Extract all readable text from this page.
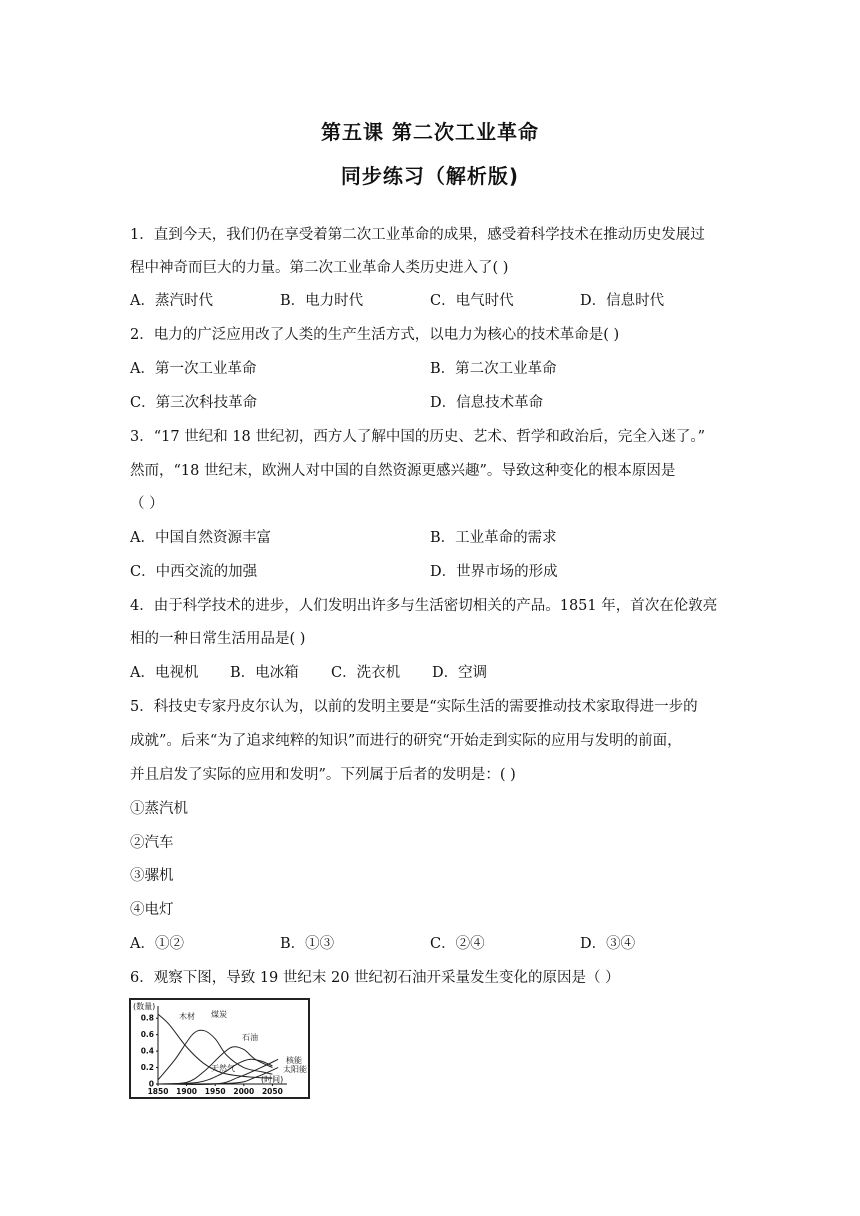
第五课 第二次工业革命
同步练习（解析版)
1．直到今天，我们仍在享受着第二次工业革命的成果，感受着科学技术在推动历史发展过
程中神奇而巨大的力量。第二次工业革命人类历史进入了( )
A．蒸汽时代	B．电力时代	C．电气时代	D．信息时代
2．电力的广泛应用改了人类的生产生活方式，以电力为核心的技术革命是( )
A．第一次工业革命	B．第二次工业革命
C．第三次科技革命	D．信息技术革命
3．“17 世纪和 18 世纪初，西方人了解中国的历史、艺术、哲学和政治后，完全入迷了。”
然而，“18 世纪末，欧洲人对中国的自然资源更感兴趣”。导致这种变化的根本原因是
（ ）
A．中国自然资源丰富	B．工业革命的需求
C．中西交流的加强	D．世界市场的形成
4．由于科学技术的进步，人们发明出许多与生活密切相关的产品。1851 年，首次在伦敦亮
相的一种日常生活用品是( )
A．电视机 B．电冰箱 C．洗衣机 D．空调
5．科技史专家丹皮尔认为，以前的发明主要是“实际生活的需要推动技术家取得进一步的
成就”。后来“为了追求纯粹的知识”而进行的研究“开始走到实际的应用与发明的前面，
并且启发了实际的应用和发明”。下列属于后者的发明是：( )
①蒸汽机
②汽车
③骡机
④电灯
A．①②	B．①③	C．②④	D．③④
6．观察下图，导致 19 世纪末 20 世纪初石油开采量发生变化的原因是（ ）
0
0.2
0.4
0.6
0.8
1850 1900 1950 2000 2050
(数量)
(时间)
木材 煤炭
石油
天然气
核能
太阳能
